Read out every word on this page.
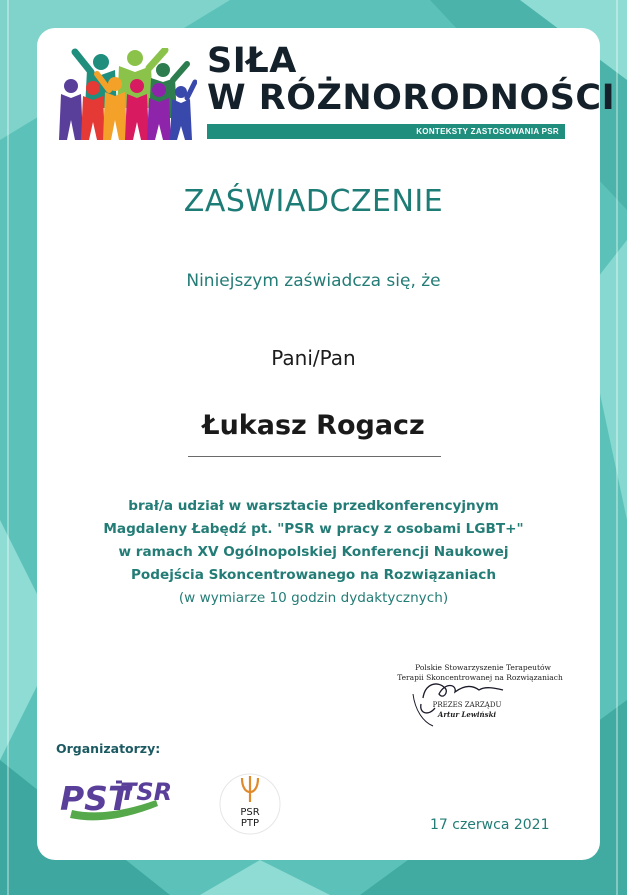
SIŁA
W RÓŻNORODNOŚCI
KONTEKSTY ZASTOSOWANIA PSR
ZAŚWIADCZENIE
Niniejszym zaświadcza się, że
Pani/Pan
Łukasz Rogacz
brał/a udział w warsztacie przedkonferencyjnym
Magdaleny Łabędź pt. "PSR w pracy z osobami LGBT+"
w ramach XV Ogólnopolskiej Konferencji Naukowej
Podejścia Skoncentrowanego na Rozwiązaniach
(w wymiarze 10 godzin dydaktycznych)
Polskie Stowarzyszenie Terapeutów
Terapii Skoncentrowanej na Rozwiązaniach
PREZES ZARZĄDU
Artur Lewiński
Organizatorzy:
PST
TSR
PSR
PTP	17 czerwca 2021
